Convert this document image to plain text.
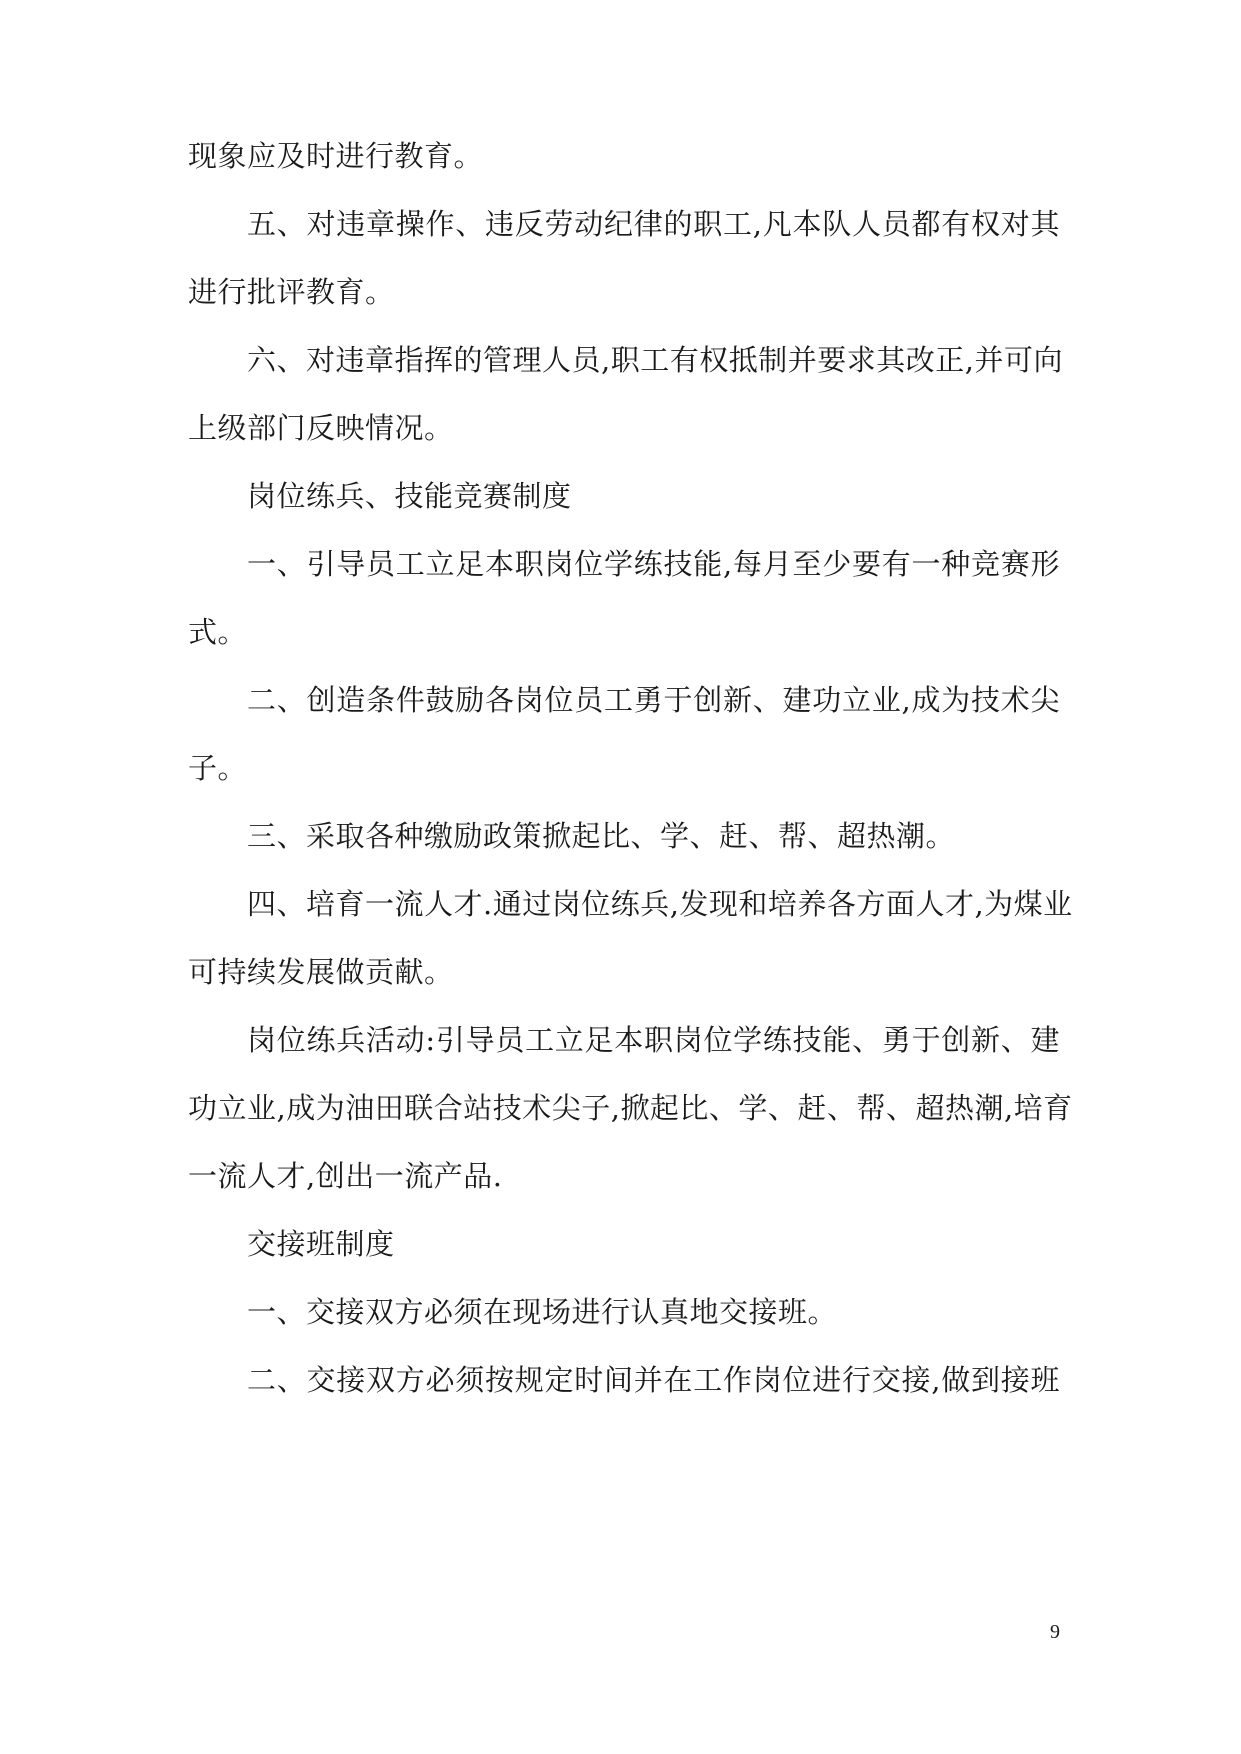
现象应及时进行教育。
五、对违章操作、违反劳动纪律的职工,凡本队人员都有权对其
进行批评教育。
六、对违章指挥的管理人员,职工有权抵制并要求其改正,并可向
上级部门反映情况。
岗位练兵、技能竞赛制度
一、引导员工立足本职岗位学练技能,每月至少要有一种竞赛形
式。
二、创造条件鼓励各岗位员工勇于创新、建功立业,成为技术尖
子。
三、采取各种缴励政策掀起比、学、赶、帮、超热潮。
四、培育一流人才.通过岗位练兵,发现和培养各方面人才,为煤业
可持续发展做贡献。
岗位练兵活动:引导员工立足本职岗位学练技能、勇于创新、建
功立业,成为油田联合站技术尖子,掀起比、学、赶、帮、超热潮,培育
一流人才,创出一流产品.
交接班制度
一、交接双方必须在现场进行认真地交接班。
二、交接双方必须按规定时间并在工作岗位进行交接,做到接班
9
